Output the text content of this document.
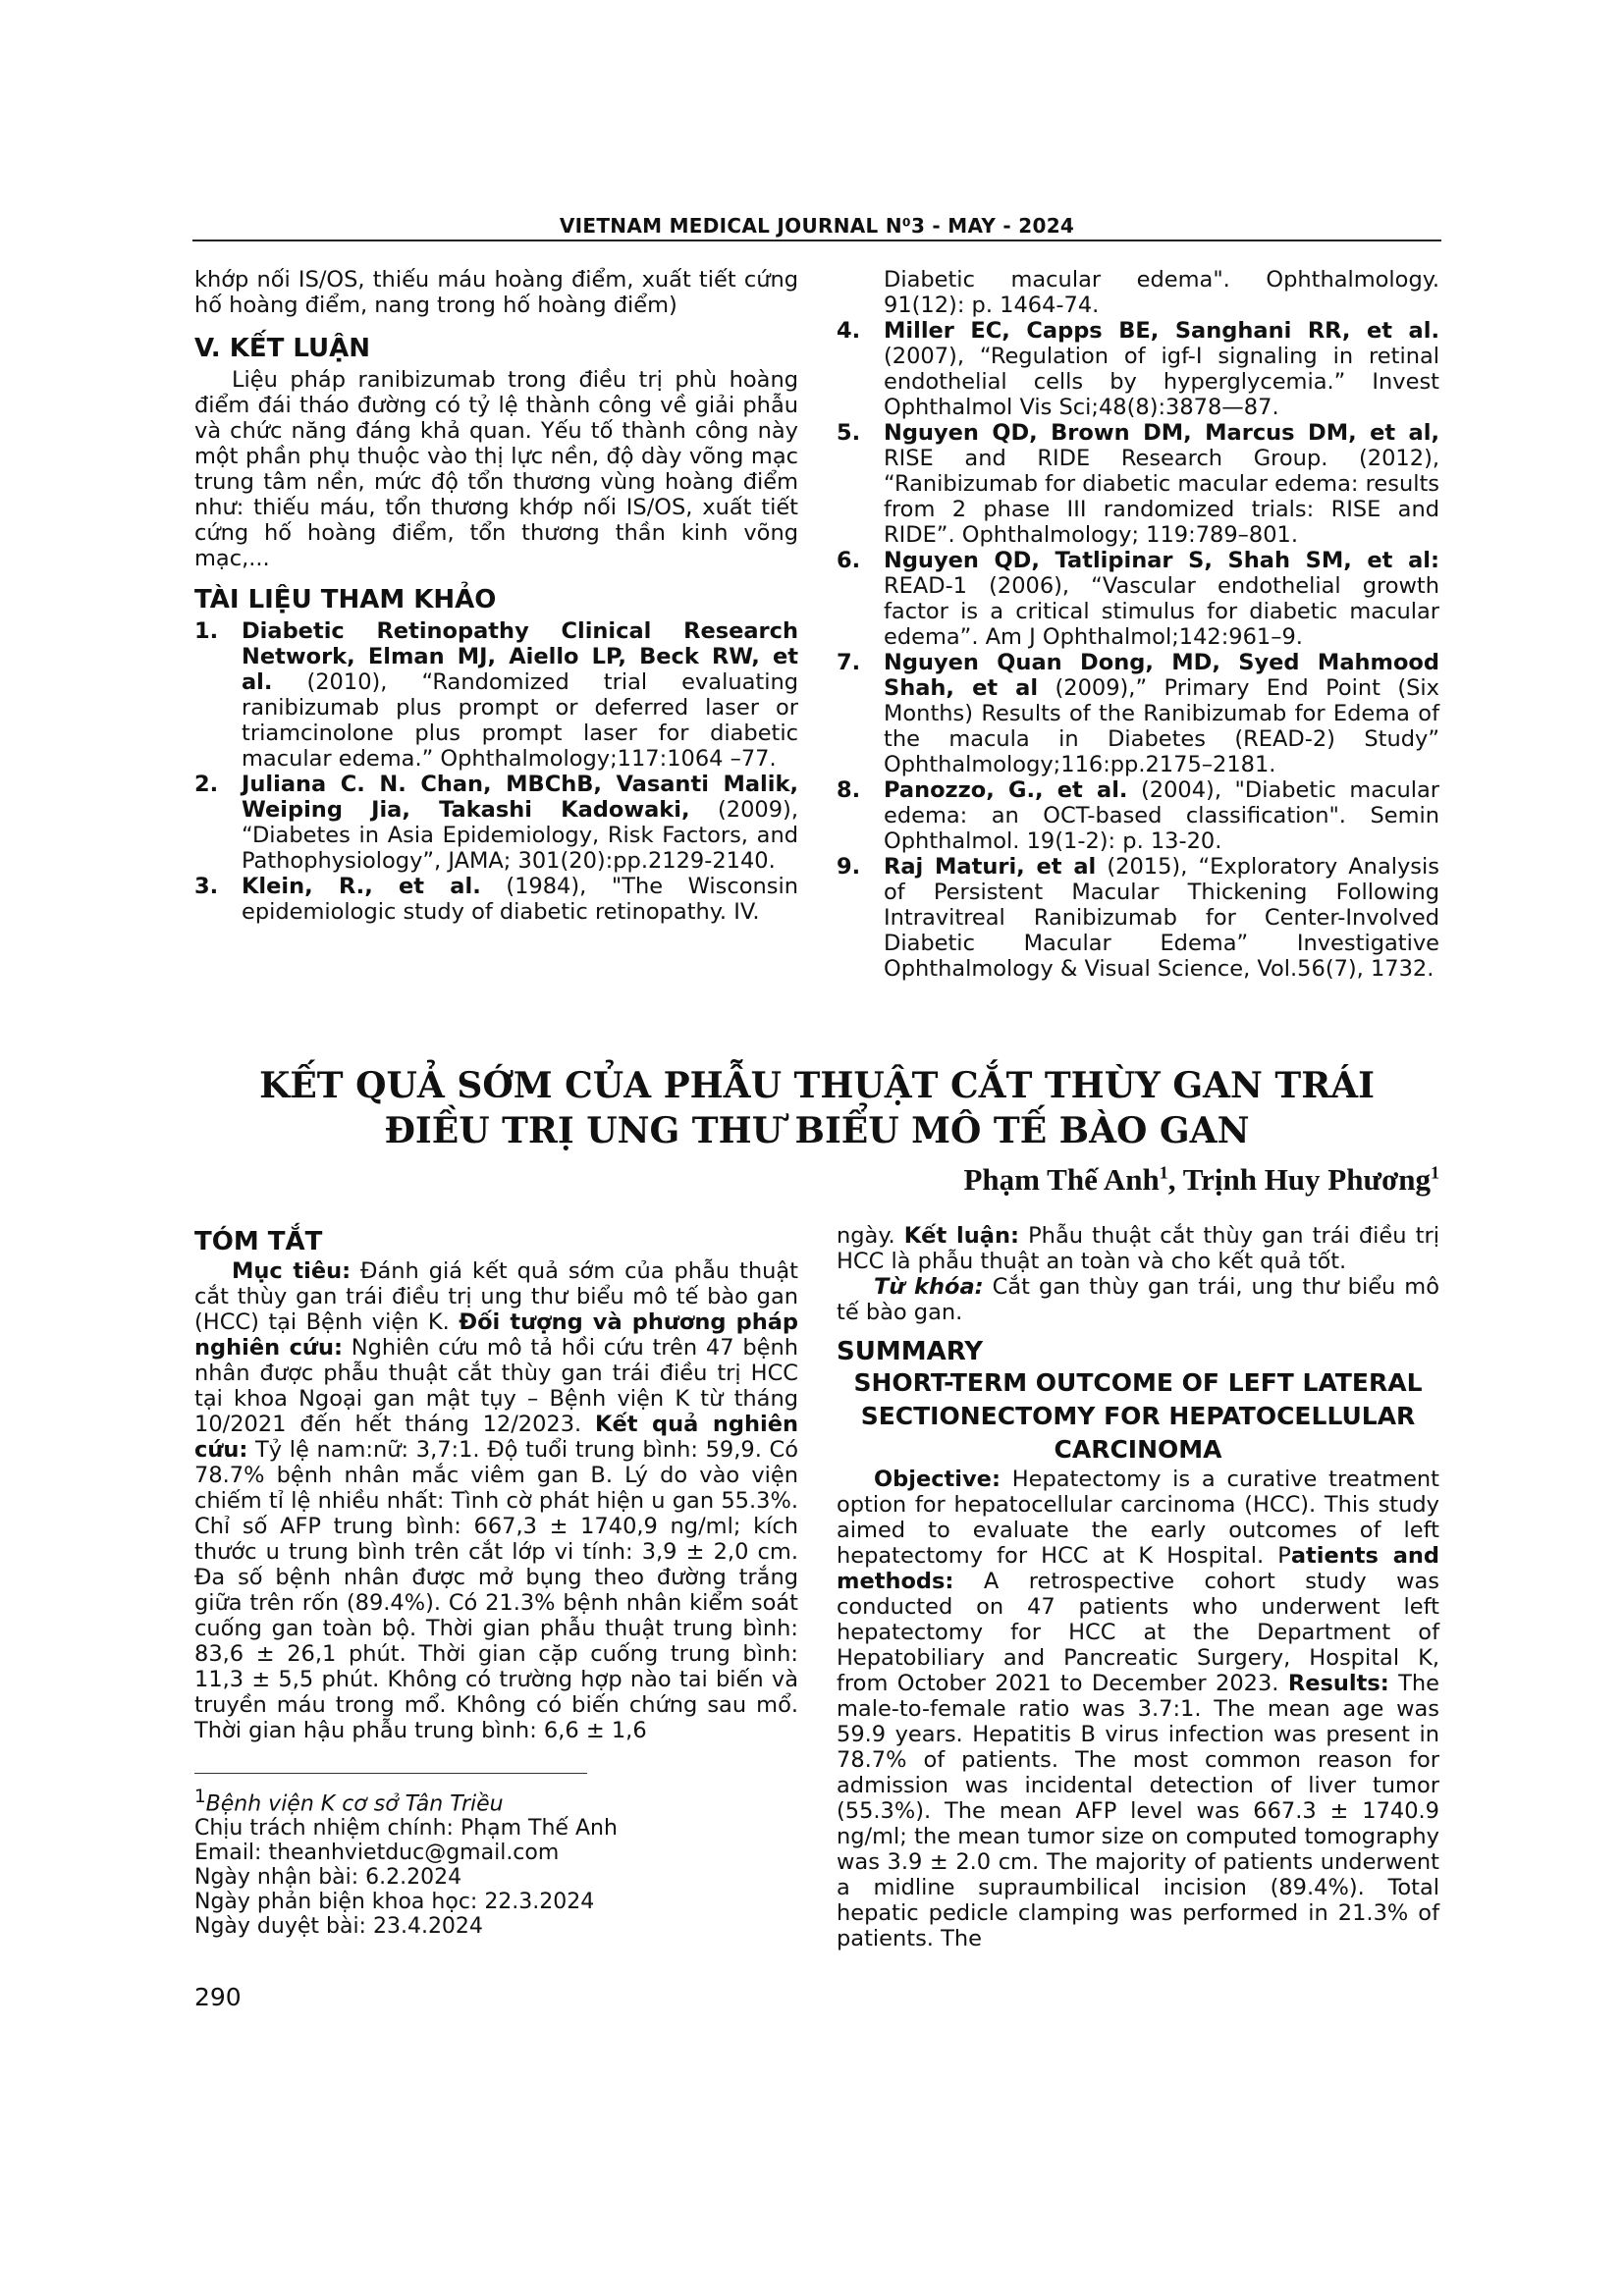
VIETNAM MEDICAL JOURNAL N⁰3 - MAY - 2024

khớp nối IS/OS, thiếu máu hoàng điểm, xuất tiết cứng hố hoàng điểm, nang trong hố hoàng điểm)

V. KẾT LUẬN

Liệu pháp ranibizumab trong điều trị phù hoàng điểm đái tháo đường có tỷ lệ thành công về giải phẫu và chức năng đáng khả quan. Yếu tố thành công này một phần phụ thuộc vào thị lực nền, độ dày võng mạc trung tâm nền, mức độ tổn thương vùng hoàng điểm như: thiếu máu, tổn thương khớp nối IS/OS, xuất tiết cứng hố hoàng điểm, tổn thương thần kinh võng mạc,...

TÀI LIỆU THAM KHẢO

1.	Diabetic Retinopathy Clinical Research Network, Elman MJ, Aiello LP, Beck RW, et al. (2010), “Randomized trial evaluating ranibizumab plus prompt or deferred laser or triamcinolone plus prompt laser for diabetic macular edema.” Ophthalmology;117:1064 –77.
2.	Juliana C. N. Chan, MBChB, Vasanti Malik, Weiping Jia, Takashi Kadowaki, (2009), “Diabetes in Asia Epidemiology, Risk Factors, and Pathophysiology”, JAMA; 301(20):pp.2129-2140.
3.	Klein, R., et al. (1984), "The Wisconsin epidemiologic study of diabetic retinopathy. IV.

Diabetic macular edema". Ophthalmology. 91(12): p. 1464-74.

4.	Miller EC, Capps BE, Sanghani RR, et al. (2007), “Regulation of igf-I signaling in retinal endothelial cells by hyperglycemia.” Invest Ophthalmol Vis Sci;48(8):3878—87.
5.	Nguyen QD, Brown DM, Marcus DM, et al, RISE and RIDE Research Group. (2012), “Ranibizumab for diabetic macular edema: results from 2 phase III randomized trials: RISE and RIDE”. Ophthalmology; 119:789–801.
6.	Nguyen QD, Tatlipinar S, Shah SM, et al: READ-1 (2006), “Vascular endothelial growth factor is a critical stimulus for diabetic macular edema”. Am J Ophthalmol;142:961–9.
7.	Nguyen Quan Dong, MD, Syed Mahmood Shah, et al (2009),” Primary End Point (Six Months) Results of the Ranibizumab for Edema of the macula in Diabetes (READ-2) Study” Ophthalmology;116:pp.2175–2181.
8.	Panozzo, G., et al. (2004), "Diabetic macular edema: an OCT-based classification". Semin Ophthalmol. 19(1-2): p. 13-20.
9.	Raj Maturi, et al (2015), “Exploratory Analysis of Persistent Macular Thickening Following Intravitreal Ranibizumab for Center-Involved Diabetic Macular Edema” Investigative Ophthalmology & Visual Science, Vol.56(7), 1732.
KẾT QUẢ SỚM CỦA PHẪU THUẬT CẮT THÙY GAN TRÁI
ĐIỀU TRỊ UNG THƯ BIỂU MÔ TẾ BÀO GAN
Phạm Thế Anh$^1$, Trịnh Huy Phương$^1$

TÓM TẮT

Mục tiêu: Đánh giá kết quả sớm của phẫu thuật cắt thùy gan trái điều trị ung thư biểu mô tế bào gan (HCC) tại Bệnh viện K. Đối tượng và phương pháp nghiên cứu: Nghiên cứu mô tả hồi cứu trên 47 bệnh nhân được phẫu thuật cắt thùy gan trái điều trị HCC tại khoa Ngoại gan mật tụy – Bệnh viện K từ tháng 10/2021 đến hết tháng 12/2023. Kết quả nghiên cứu: Tỷ lệ nam:nữ: 3,7:1. Độ tuổi trung bình: 59,9. Có 78.7% bệnh nhân mắc viêm gan B. Lý do vào viện chiếm tỉ lệ nhiều nhất: Tình cờ phát hiện u gan 55.3%. Chỉ số AFP trung bình: 667,3 ± 1740,9 ng/ml; kích thước u trung bình trên cắt lớp vi tính: 3,9 ± 2,0 cm. Đa số bệnh nhân được mở bụng theo đường trắng giữa trên rốn (89.4%). Có 21.3% bệnh nhân kiểm soát cuống gan toàn bộ. Thời gian phẫu thuật trung bình: 83,6 ± 26,1 phút. Thời gian cặp cuống trung bình: 11,3 ± 5,5 phút. Không có trường hợp nào tai biến và truyền máu trong mổ. Không có biến chứng sau mổ. Thời gian hậu phẫu trung bình: 6,6 ± 1,6

ngày. Kết luận: Phẫu thuật cắt thùy gan trái điều trị HCC là phẫu thuật an toàn và cho kết quả tốt.

Từ khóa: Cắt gan thùy gan trái, ung thư biểu mô tế bào gan.

SUMMARY

SHORT-TERM OUTCOME OF LEFT LATERAL SECTIONECTOMY FOR HEPATOCELLULAR CARCINOMA

Objective: Hepatectomy is a curative treatment option for hepatocellular carcinoma (HCC). This study aimed to evaluate the early outcomes of left hepatectomy for HCC at K Hospital. Patients and methods: A retrospective cohort study was conducted on 47 patients who underwent left hepatectomy for HCC at the Department of Hepatobiliary and Pancreatic Surgery, Hospital K, from October 2021 to December 2023. Results: The male-to-female ratio was 3.7:1. The mean age was 59.9 years. Hepatitis B virus infection was present in 78.7% of patients. The most common reason for admission was incidental detection of liver tumor (55.3%). The mean AFP level was 667.3 ± 1740.9 ng/ml; the mean tumor size on computed tomography was 3.9 ± 2.0 cm. The majority of patients underwent a midline supraumbilical incision (89.4%). Total hepatic pedicle clamping was performed in 21.3% of patients. The

$^1$Bệnh viện K cơ sở Tân Triều

Chịu trách nhiệm chính: Phạm Thế Anh

Email: theanhvietduc@gmail.com

Ngày nhận bài: 6.2.2024

Ngày phản biện khoa học: 22.3.2024

Ngày duyệt bài: 23.4.2024

290
